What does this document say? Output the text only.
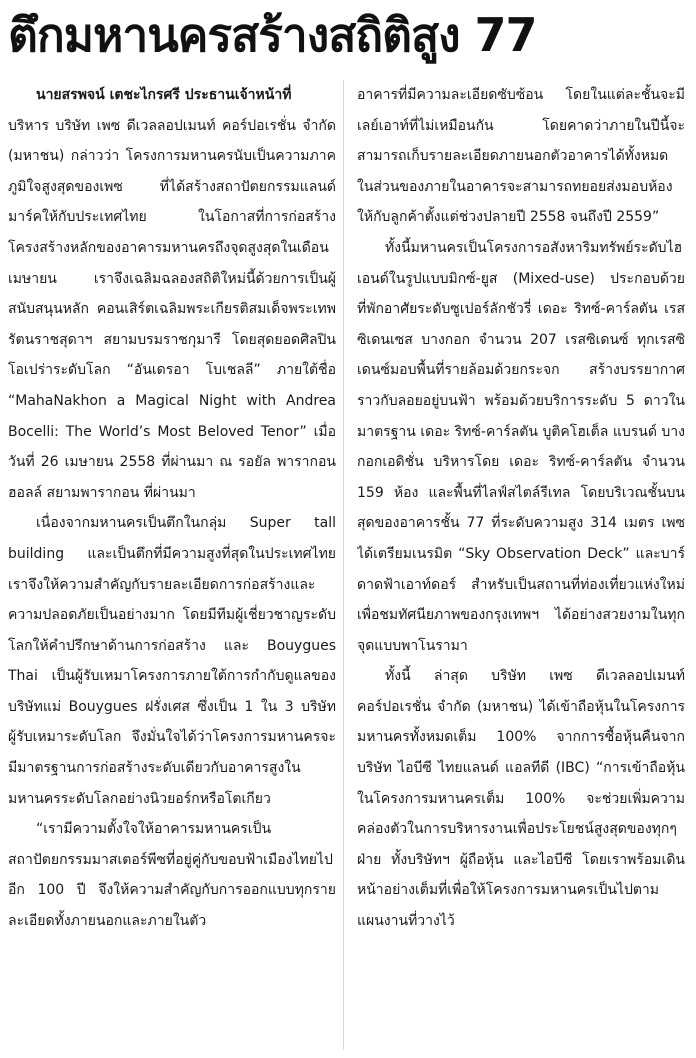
ตึกมหานครสร้างสถิติสูง 77

นายสรพจน์ เตชะไกรศรี ประธานเจ้าหน้าที่
บริหาร บริษัท เพซ ดีเวลลอปเมนท์ คอร์ปอเรชั่น จำกัด (มหาชน) กล่าวว่า โครงการมหานครนับเป็นความภาคภูมิใจสูงสุดของเพซ ที่ได้สร้างสถาปัตยกรรมแลนด์มาร์คให้กับประเทศไทย ในโอกาสที่การก่อสร้างโครงสร้างหลักของอาคารมหานครถึงจุดสูงสุดในเดือนเมษายน เราจึงเฉลิมฉลองสถิติใหม่นี้ด้วยการเป็นผู้สนับสนุนหลัก คอนเสิร์ตเฉลิมพระเกียรติสมเด็จพระเทพรัตนราชสุดาฯ สยามบรมราชกุมารี โดยสุดยอดศิลปินโอเปร่าระดับโลก “อันเดรอา โบเชลลี” ภายใต้ชื่อ “MahaNakhon a Magical Night with Andrea Bocelli: The World’s Most Beloved Tenor” เมื่อวันที่ 26 เมษายน 2558 ที่ผ่านมา ณ รอยัล พารากอน ฮอลล์ สยามพารากอน ที่ผ่านมา

เนื่องจากมหานครเป็นตึกในกลุ่ม Super tall building และเป็นตึกที่มีความสูงที่สุดในประเทศไทย เราจึงให้ความสำคัญกับรายละเอียดการก่อสร้างและความปลอดภัยเป็นอย่างมาก โดยมีทีมผู้เชี่ยวชาญระดับโลกให้คำปรึกษาด้านการก่อสร้าง และ Bouygues Thai เป็นผู้รับเหมาโครงการภายใต้การกำกับดูแลของบริษัทแม่ Bouygues ฝรั่งเศส ซึ่งเป็น 1 ใน 3 บริษัทผู้รับเหมาระดับโลก จึงมั่นใจได้ว่าโครงการมหานครจะมีมาตรฐานการก่อสร้างระดับเดียวกับอาคารสูงในมหานครระดับโลกอย่างนิวยอร์กหรือโตเกียว

“เรามีความตั้งใจให้อาคารมหานครเป็นสถาปัตยกรรมมาสเตอร์พีซที่อยู่คู่กับขอบฟ้าเมืองไทยไปอีก 100 ปี จึงให้ความสำคัญกับการออกแบบทุกรายละเอียดทั้งภายนอกและภายในตัว

อาคารที่มีความละเอียดซับซ้อน โดยในแต่ละชั้นจะมีเลย์เอาท์ที่ไม่เหมือนกัน โดยคาดว่าภายในปีนี้จะสามารถเก็บรายละเอียดภายนอกตัวอาคารได้ทั้งหมด ในส่วนของภายในอาคารจะสามารถทยอยส่งมอบห้องให้กับลูกค้าตั้งแต่ช่วงปลายปี 2558 จนถึงปี 2559”

ทั้งนี้มหานครเป็นโครงการอสังหาริมทรัพย์ระดับไฮเอนด์ในรูปแบบมิกซ์-ยูส (Mixed-use) ประกอบด้วยที่พักอาศัยระดับซูเปอร์ลักชัวรี่ เดอะ ริทซ์-คาร์ลตัน เรสซิเดนเซส บางกอก จำนวน 207 เรสซิเดนซ์ ทุกเรสซิเดนซ์มอบพื้นที่รายล้อมด้วยกระจก สร้างบรรยากาศราวกับลอยอยู่บนฟ้า พร้อมด้วยบริการระดับ 5 ดาวในมาตรฐาน เดอะ ริทซ์-คาร์ลตัน บูติคโฮเต็ล แบรนด์ บางกอกเอดิชั่น บริหารโดย เดอะ ริทซ์-คาร์ลตัน จำนวน 159 ห้อง และพื้นที่ไลฟ์สไตล์รีเทล โดยบริเวณชั้นบนสุดของอาคารชั้น 77 ที่ระดับความสูง 314 เมตร เพซได้เตรียมเนรมิต “Sky Observation Deck” และบาร์ดาดฟ้าเอาท์ดอร์ สำหรับเป็นสถานที่ท่องเที่ยวแห่งใหม่ เพื่อชมทัศนียภาพของกรุงเทพฯ ได้อย่างสวยงามในทุกจุดแบบพาโนรามา

ทั้งนี้ ล่าสุด บริษัท เพซ ดีเวลลอปเมนท์ คอร์ปอเรชั่น จำกัด (มหาชน) ได้เข้าถือหุ้นในโครงการมหานครทั้งหมดเต็ม 100% จากการซื้อหุ้นคืนจาก บริษัท ไอบีซี ไทยแลนด์ แอลทีดี (IBC) “การเข้าถือหุ้นในโครงการมหานครเต็ม 100% จะช่วยเพิ่มความคล่องตัวในการบริหารงานเพื่อประโยชน์สูงสุดของทุกๆ ฝ่าย ทั้งบริษัทฯ ผู้ถือหุ้น และไอบีซี โดยเราพร้อมเดินหน้าอย่างเต็มที่เพื่อให้โครงการมหานครเป็นไปตามแผนงานที่วางไว้
